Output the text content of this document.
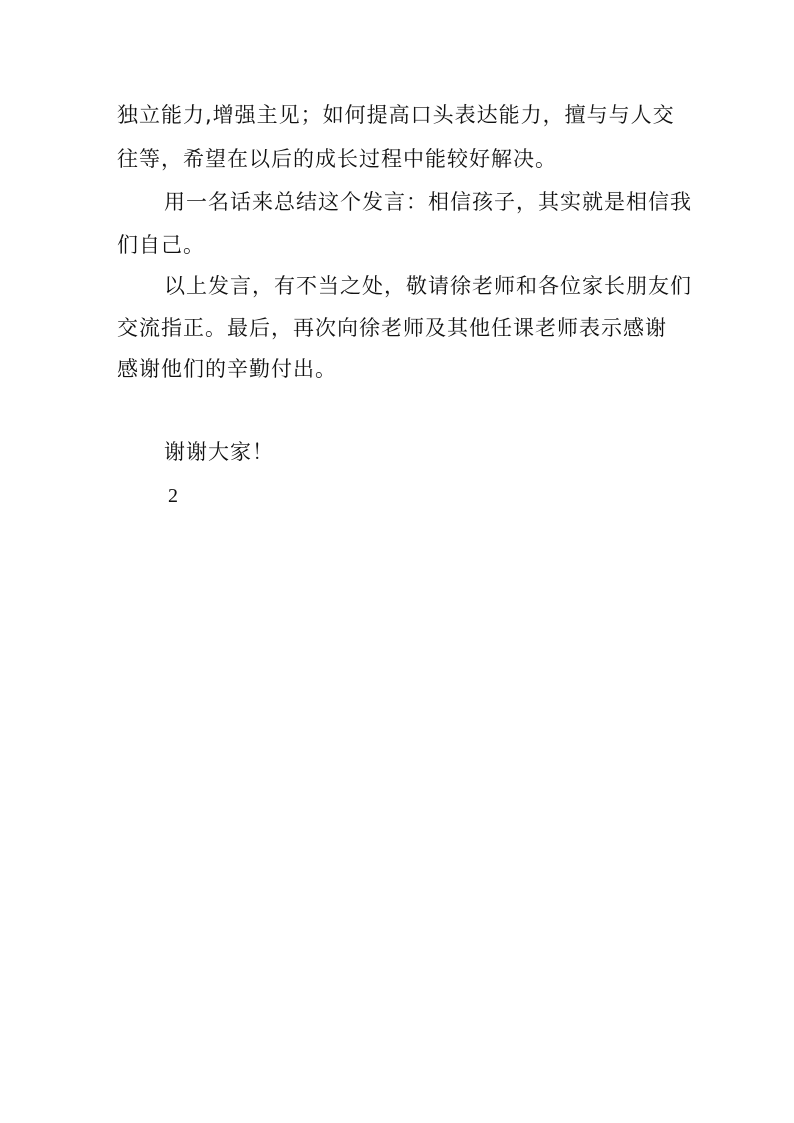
独立能力,增强主见；如何提高口头表达能力，擅与与人交
往等，希望在以后的成长过程中能较好解决。
用一名话来总结这个发言：相信孩子，其实就是相信我
们自己。
以上发言，有不当之处，敬请徐老师和各位家长朋友们
交流指正。最后，再次向徐老师及其他任课老师表示感谢
感谢他们的辛勤付出。
谢谢大家！
2
